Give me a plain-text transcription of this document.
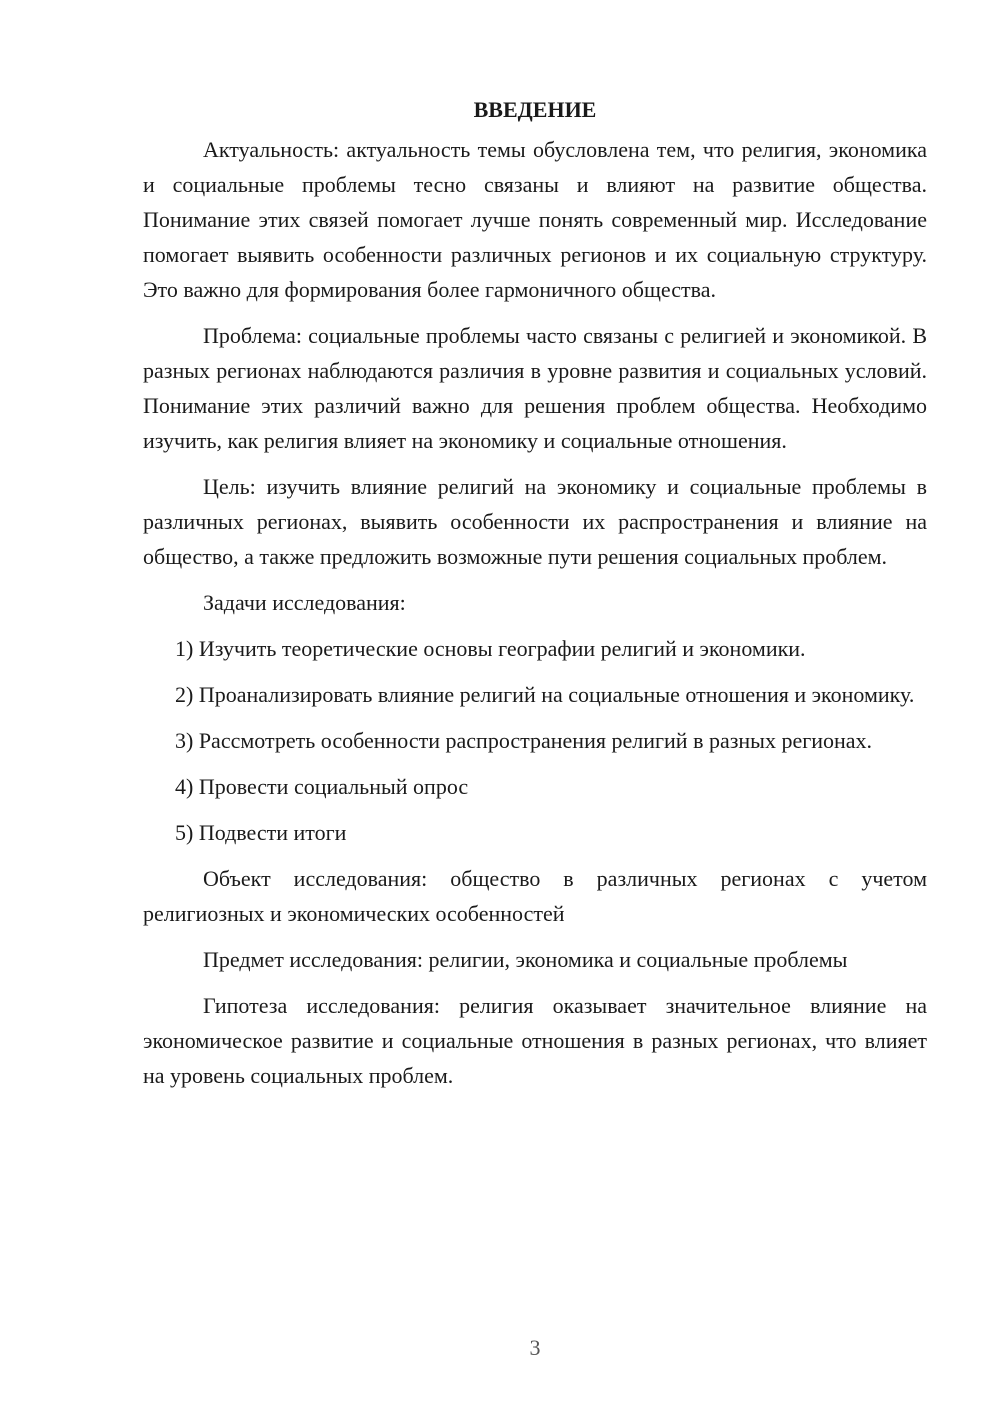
ВВЕДЕНИЕ

Актуальность: актуальность темы обусловлена тем, что религия, экономика и социальные проблемы тесно связаны и влияют на развитие общества. Понимание этих связей помогает лучше понять современный мир. Исследование помогает выявить особенности различных регионов и их социальную структуру. Это важно для формирования более гармоничного общества.

Проблема: социальные проблемы часто связаны с религией и экономикой. В разных регионах наблюдаются различия в уровне развития и социальных условий. Понимание этих различий важно для решения проблем общества. Необходимо изучить, как религия влияет на экономику и социальные отношения.

Цель: изучить влияние религий на экономику и социальные проблемы в различных регионах, выявить особенности их распространения и влияние на общество, а также предложить возможные пути решения социальных проблем.

Задачи исследования:

1) Изучить теоретические основы географии религий и экономики.

2) Проанализировать влияние религий на социальные отношения и экономику.

3) Рассмотреть особенности распространения религий в разных регионах.

4) Провести социальный опрос

5) Подвести итоги

Объект исследования: общество в различных регионах с учетом религиозных и экономических особенностей

Предмет исследования: религии, экономика и социальные проблемы

Гипотеза исследования: религия оказывает значительное влияние на экономическое развитие и социальные отношения в разных регионах, что влияет на уровень социальных проблем.

3
